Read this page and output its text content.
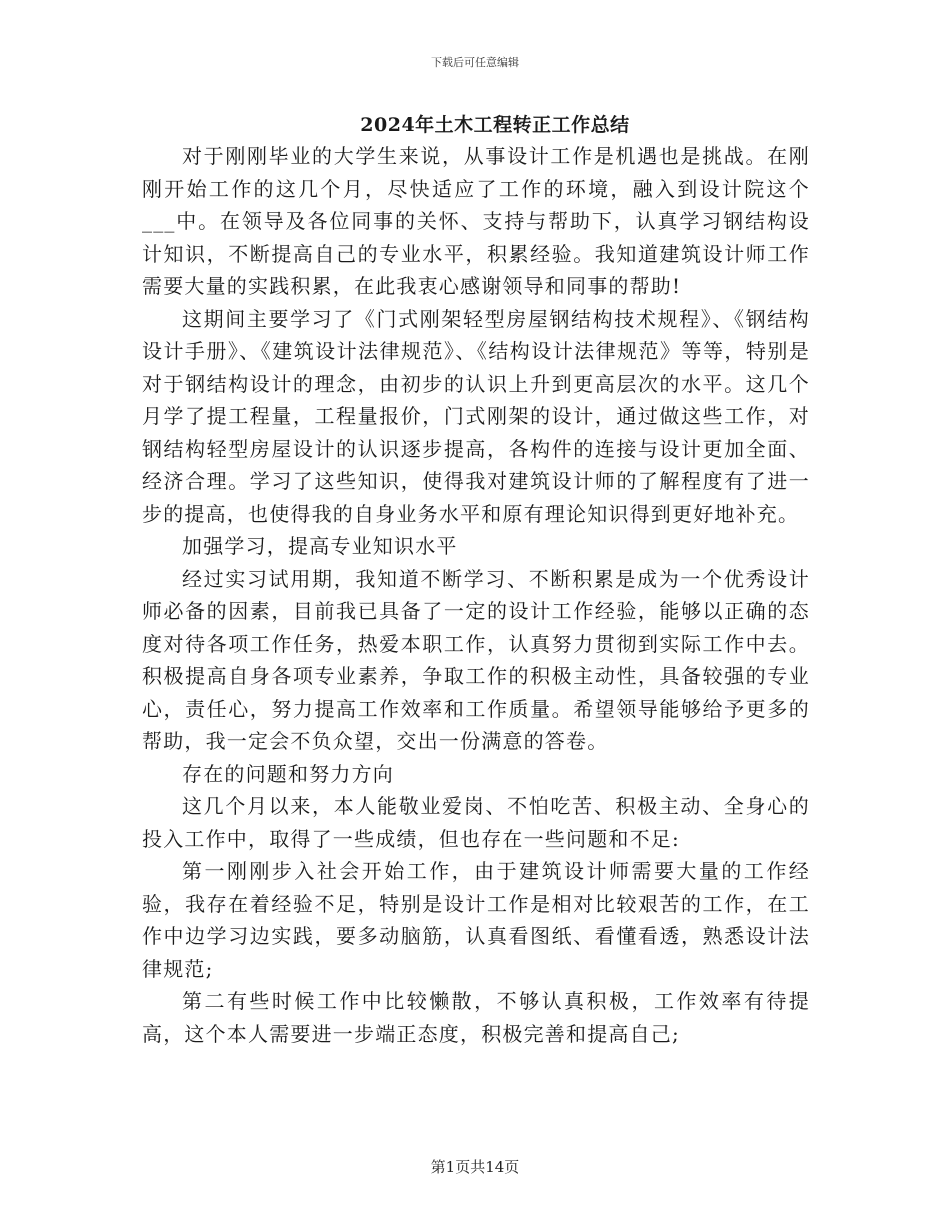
下载后可任意编辑
2024年土木工程转正工作总结

对于刚刚毕业的大学生来说，从事设计工作是机遇也是挑战。在刚刚开始工作的这几个月，尽快适应了工作的环境，融入到设计院这个___中。在领导及各位同事的关怀、支持与帮助下，认真学习钢结构设计知识，不断提高自己的专业水平，积累经验。我知道建筑设计师工作需要大量的实践积累，在此我衷心感谢领导和同事的帮助!

这期间主要学习了《门式刚架轻型房屋钢结构技术规程》、《钢结构设计手册》、《建筑设计法律规范》、《结构设计法律规范》等等，特别是对于钢结构设计的理念，由初步的认识上升到更高层次的水平。这几个月学了提工程量，工程量报价，门式刚架的设计，通过做这些工作，对钢结构轻型房屋设计的认识逐步提高，各构件的连接与设计更加全面、经济合理。学习了这些知识，使得我对建筑设计师的了解程度有了进一步的提高，也使得我的自身业务水平和原有理论知识得到更好地补充。

加强学习，提高专业知识水平

经过实习试用期，我知道不断学习、不断积累是成为一个优秀设计师必备的因素，目前我已具备了一定的设计工作经验，能够以正确的态度对待各项工作任务，热爱本职工作，认真努力贯彻到实际工作中去。积极提高自身各项专业素养，争取工作的积极主动性，具备较强的专业心，责任心，努力提高工作效率和工作质量。希望领导能够给予更多的帮助，我一定会不负众望，交出一份满意的答卷。

存在的问题和努力方向

这几个月以来，本人能敬业爱岗、不怕吃苦、积极主动、全身心的投入工作中，取得了一些成绩，但也存在一些问题和不足:

第一刚刚步入社会开始工作，由于建筑设计师需要大量的工作经验，我存在着经验不足，特别是设计工作是相对比较艰苦的工作，在工作中边学习边实践，要多动脑筋，认真看图纸、看懂看透，熟悉设计法律规范;

第二有些时候工作中比较懒散，不够认真积极，工作效率有待提高，这个本人需要进一步端正态度，积极完善和提高自己;

第1页共14页
